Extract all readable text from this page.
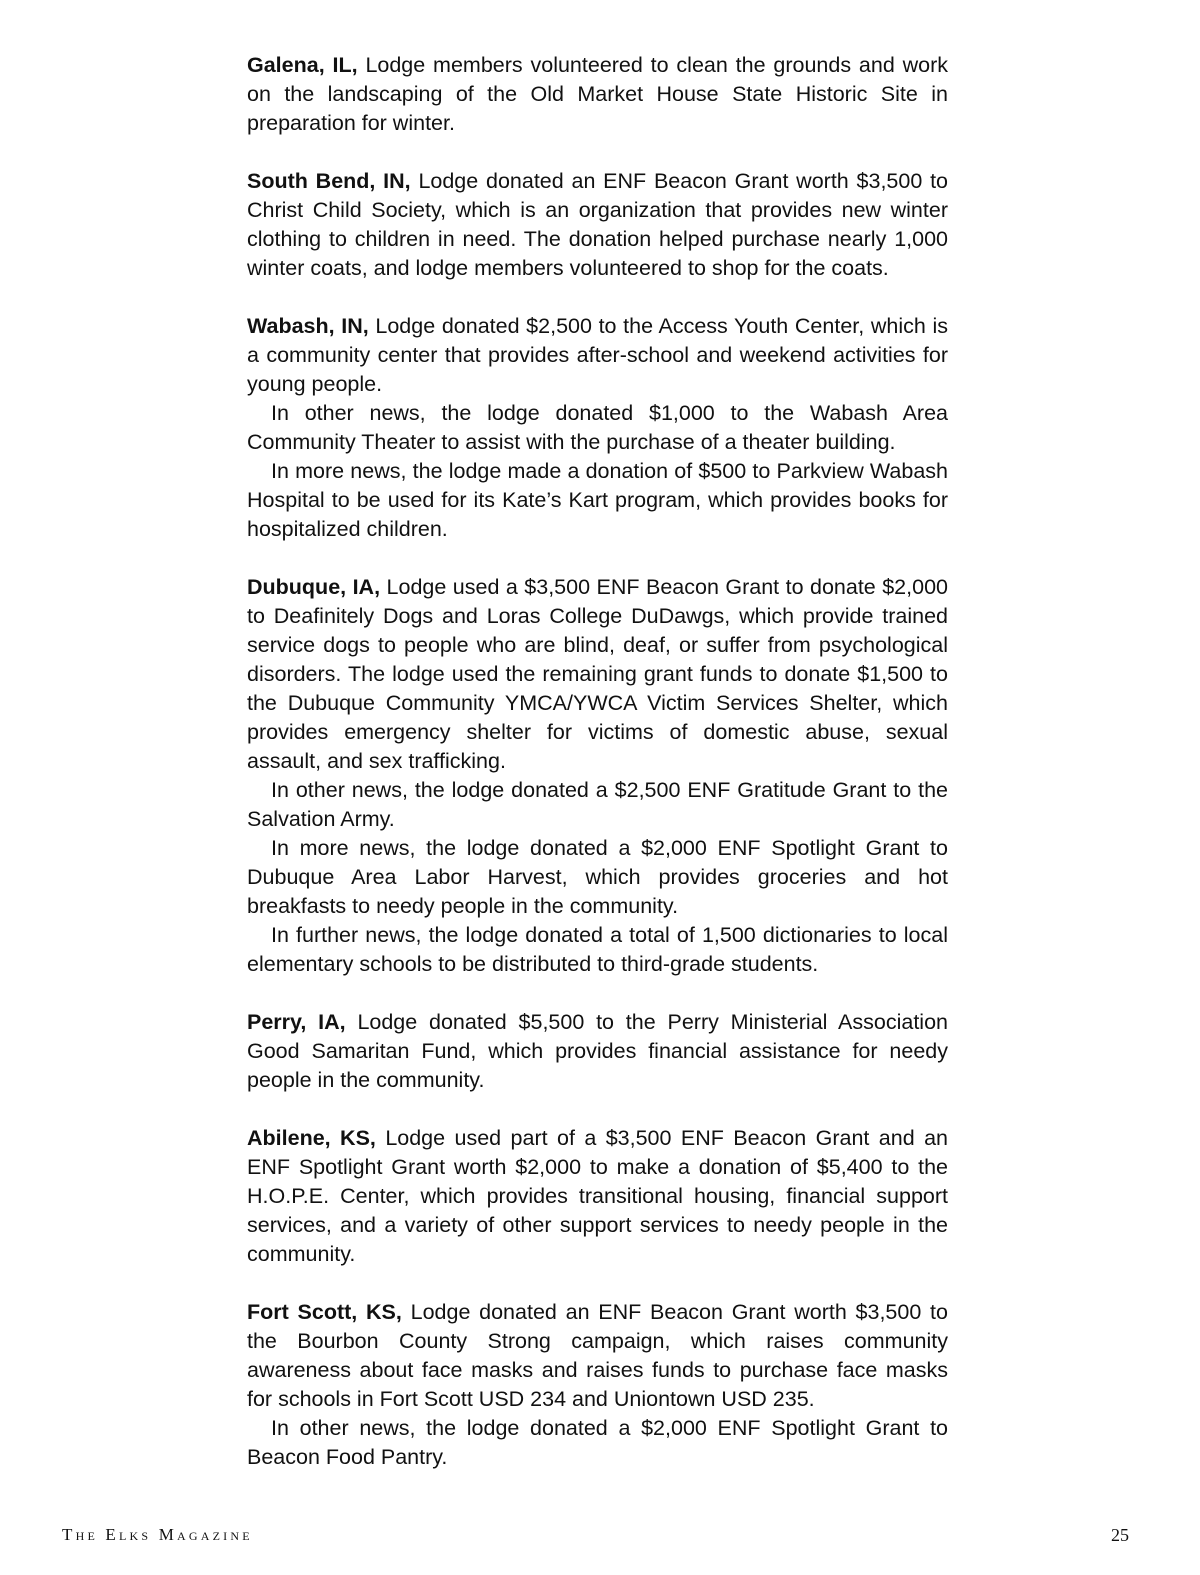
Galena, IL, Lodge members volunteered to clean the grounds and work on the landscaping of the Old Market House State Historic Site in preparation for winter.

South Bend, IN, Lodge donated an ENF Beacon Grant worth $3,500 to Christ Child Society, which is an organization that provides new winter clothing to children in need. The donation helped purchase nearly 1,000 winter coats, and lodge members volunteered to shop for the coats.

Wabash, IN, Lodge donated $2,500 to the Access Youth Center, which is a community center that provides after-school and weekend activities for young people.

In other news, the lodge donated $1,000 to the Wabash Area Community Theater to assist with the purchase of a theater building.

In more news, the lodge made a donation of $500 to Parkview Wabash Hospital to be used for its Kate’s Kart program, which provides books for hospitalized children.

Dubuque, IA, Lodge used a $3,500 ENF Beacon Grant to donate $2,000 to Deafinitely Dogs and Loras College DuDawgs, which provide trained service dogs to people who are blind, deaf, or suffer from psychological disorders. The lodge used the remaining grant funds to donate $1,500 to the Dubuque Community YMCA/YWCA Victim Services Shelter, which provides emergency shelter for victims of domestic abuse, sexual assault, and sex trafficking.

In other news, the lodge donated a $2,500 ENF Gratitude Grant to the Salvation Army.

In more news, the lodge donated a $2,000 ENF Spotlight Grant to Dubuque Area Labor Harvest, which provides groceries and hot breakfasts to needy people in the community.

In further news, the lodge donated a total of 1,500 dictionaries to local elementary schools to be distributed to third-grade students.

Perry, IA, Lodge donated $5,500 to the Perry Ministerial Association Good Samaritan Fund, which provides financial assistance for needy people in the community.

Abilene, KS, Lodge used part of a $3,500 ENF Beacon Grant and an ENF Spotlight Grant worth $2,000 to make a donation of $5,400 to the H.O.P.E. Center, which provides transitional housing, financial support services, and a variety of other support services to needy people in the community.

Fort Scott, KS, Lodge donated an ENF Beacon Grant worth $3,500 to the Bourbon County Strong campaign, which raises community awareness about face masks and raises funds to purchase face masks for schools in Fort Scott USD 234 and Uniontown USD 235.

In other news, the lodge donated a $2,000 ENF Spotlight Grant to Beacon Food Pantry.

The Elks Magazine	25
